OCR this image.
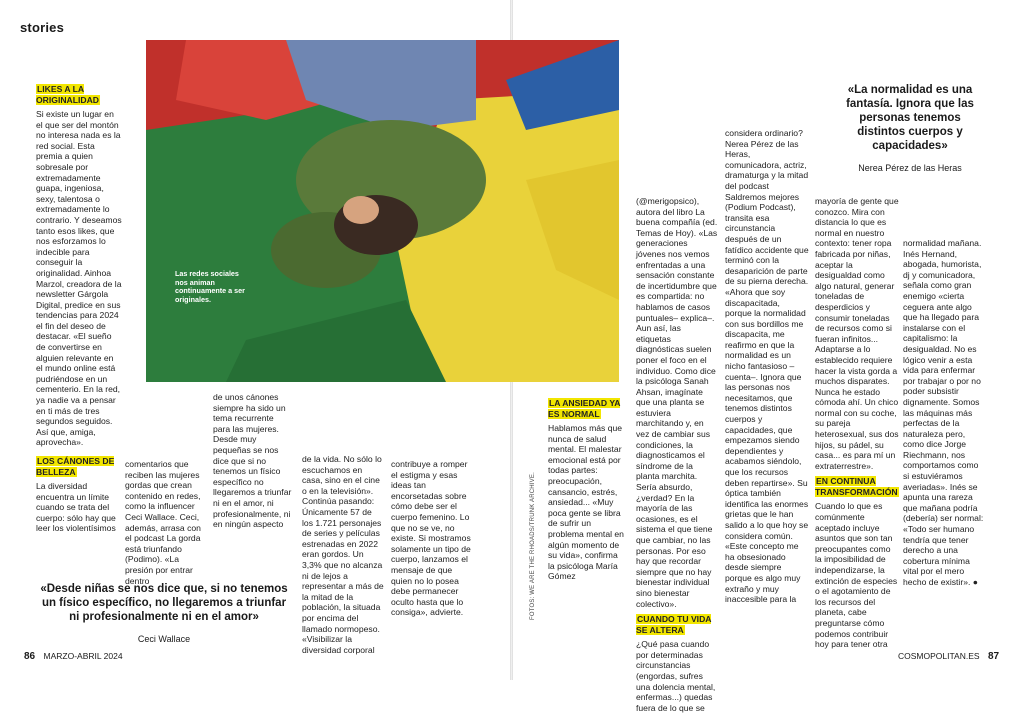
stories
LIKES A LA ORIGINALIDAD

Si existe un lugar en el que ser del montón no interesa nada es la red social. Esta premia a quien sobresale por extremadamente guapa, ingeniosa, sexy, talentosa o extremadamente lo contrario. Y deseamos tanto esos likes, que nos esforzamos lo indecible para conseguir la originalidad. Ainhoa Marzol, creadora de la newsletter Gárgola Digital, predice en sus tendencias para 2024 el fin del deseo de destacar. «El sueño de convertirse en alguien relevante en el mundo online está pudriéndose en un cementerio. En la red, ya nadie va a pensar en ti más de tres segundos seguidos. Así que, amiga, aprovecha».

LOS CÁNONES DE BELLEZA

La diversidad encuentra un límite cuando se trata del cuerpo: sólo hay que leer los violentísimos

comentarios que reciben las mujeres gordas que crean contenido en redes, como la influencer Ceci Wallace. Ceci, además, arrasa con el podcast La gorda está triunfando (Podimo). «La presión por entrar dentro

de unos cánones siempre ha sido un tema recurrente para las mujeres. Desde muy pequeñas se nos dice que si no tenemos un físico específico no llegaremos a triunfar ni en el amor, ni profesionalmente, ni en ningún aspecto

de la vida. No sólo lo escuchamos en casa, sino en el cine o en la televisión». Continúa pasando: Únicamente 57 de los 1.721 personajes de series y películas estrenadas en 2022 eran gordos. Un 3,3% que no alcanza ni de lejos a representar a más de la mitad de la población, la situada por encima del llamado normopeso. «Visibilizar la diversidad corporal

contribuye a romper el estigma y esas ideas tan encorsetadas sobre cómo debe ser el cuerpo femenino. Lo que no se ve, no existe. Si mostramos solamente un tipo de cuerpo, lanzamos el mensaje de que quien no lo posea debe permanecer oculto hasta que lo consiga», advierte.

«Desde niñas se nos dice que, si no tenemos un físico específico, no llegaremos a triunfar ni profesionalmente ni en el amor»
Ceci Wallace
86 MARZO-ABRIL 2024
LA ANSIEDAD YA ES NORMAL

Hablamos más que nunca de salud mental. El malestar emocional está por todas partes: preocupación, cansancio, estrés, ansiedad... «Muy poca gente se libra de sufrir un problema mental en algún momento de su vida», confirma la psicóloga María Gómez

(@merigopsico), autora del libro La buena compañía (ed. Temas de Hoy). «Las generaciones jóvenes nos vemos enfrentadas a una sensación constante de incertidumbre que es compartida: no hablamos de casos puntuales– explica–. Aun así, las etiquetas diagnósticas suelen poner el foco en el individuo. Como dice la psicóloga Sanah Ahsan, imagínate que una planta se estuviera marchitando y, en vez de cambiar sus condiciones, la diagnosticamos el síndrome de la planta marchita. Sería absurdo, ¿verdad? En la mayoría de las ocasiones, es el sistema el que tiene que cambiar, no las personas. Por eso hay que recordar siempre que no hay bienestar individual sino bienestar colectivo».

CUANDO TU VIDA SE ALTERA

¿Qué pasa cuando por determinadas circunstancias (engordas, sufres una dolencia mental, enfermas...) quedas fuera de lo que se

considera ordinario? Nerea Pérez de las Heras, comunicadora, actriz, dramaturga y la mitad del podcast Saldremos mejores (Podium Podcast), transita esa circunstancia después de un fatídico accidente que terminó con la desaparición de parte de su pierna derecha. «Ahora que soy discapacitada, porque la normalidad con sus bordillos me discapacita, me reafirmo en que la normalidad es un nicho fantasioso –cuenta–. Ignora que las personas nos necesitamos, que tenemos distintos cuerpos y capacidades, que empezamos siendo dependientes y acabamos siéndolo, que los recursos deben repartirse». Su óptica también identifica las enormes grietas que le han salido a lo que hoy se considera común. «Este concepto me ha obsesionado desde siempre porque es algo muy extraño y muy inaccesible para la

«La normalidad es una fantasía. Ignora que las personas tenemos distintos cuerpos y capacidades»
Nerea Pérez de las Heras

mayoría de gente que conozco. Mira con distancia lo que es normal en nuestro contexto: tener ropa fabricada por niñas, aceptar la desigualdad como algo natural, generar toneladas de desperdicios y consumir toneladas de recursos como si fueran infinitos... Adaptarse a lo establecido requiere hacer la vista gorda a muchos disparates. Nunca he estado cómoda ahí. Un chico normal con su coche, su pareja heterosexual, sus dos hijos, su pádel, su casa... es para mí un extraterrestre».

EN CONTINUA TRANSFORMACIÓN

Cuando lo que es comúnmente aceptado incluye asuntos que son tan preocupantes como la imposibilidad de independizarse, la extinción de especies o el agotamiento de los recursos del planeta, cabe preguntarse cómo podemos contribuir hoy para tener otra

normalidad mañana. Inés Hernand, abogada, humorista, dj y comunicadora, señala como gran enemigo «cierta ceguera ante algo que ha llegado para instalarse con el capitalismo: la desigualdad. No es lógico venir a esta vida para enfermar por trabajar o por no poder subsistir dignamente. Somos las máquinas más perfectas de la naturaleza pero, como dice Jorge Riechmann, nos comportamos como si estuviéramos averiadas». Inés se apunta una rareza que mañana podría (debería) ser normal: «Todo ser humano tendría que tener derecho a una cobertura mínima vital por el mero hecho de existir». ●

COSMOPOLITAN.ES 87
Las redes sociales nos animan continuamente a ser originales.
FOTOS: WE ARE THE RHOADS/TRUNK ARCHIVE.
